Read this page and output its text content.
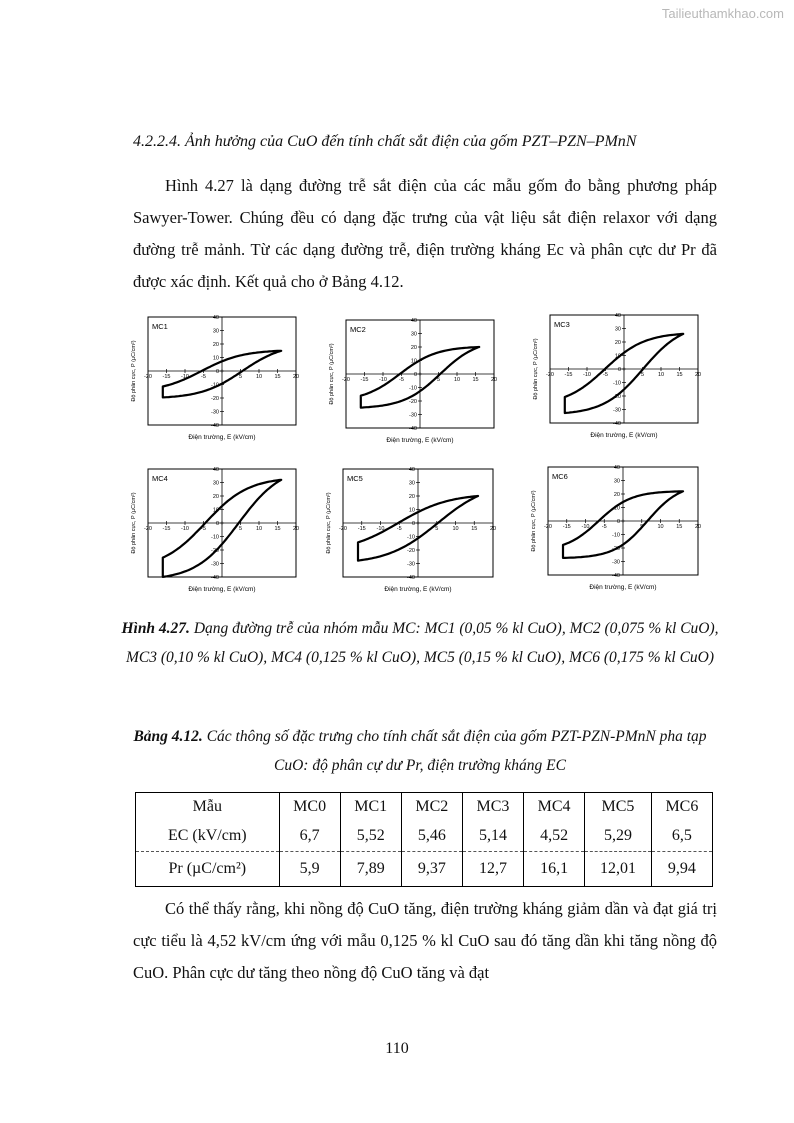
Tailieuthamkhao.com
4.2.2.4. Ảnh hưởng của CuO đến tính chất sắt điện của gốm PZT–PZN–PMnN

Hình 4.27 là dạng đường trễ sắt điện của các mẫu gốm đo bằng phương pháp Sawyer-Tower. Chúng đều có dạng đặc trưng của vật liệu sắt điện relaxor với dạng đường trễ mảnh. Từ các dạng đường trễ, điện trường kháng Ec và phân cực dư Pr đã được xác định. Kết quả cho ở Bảng 4.12.

-20 -15 -10 -5	5	10 15 20
-40
-30
-20
-10
0
10
20
30
40
MC1
Điện trường, E (kV/cm)
Độ phân cực, P (µC/cm²)	-20 -15 -10 -5	5	10 15 20
-40
-30
-20
-10
0
10
20
30
40
MC2
Điện trường, E (kV/cm)
Độ phân cực, P (µC/cm²)	-20 -15 -10 -5	5	10 15 20
-40
-30
-20
-10
0
10
20
30
40
MC3
Điện trường, E (kV/cm)
Độ phân cực, P (µC/cm²)
-20 -15 -10 -5	5	10 15 20
-40
-30
-20
-10
0
10
20
30
40
MC4
Điện trường, E (kV/cm)
Độ phân cực, P (µC/cm²)	-20 -15 -10 -5	5	10 15 20
-40
-30
-20
-10
0
10
20
30
40
MC5
Điện trường, E (kV/cm)
Độ phân cực, P (µC/cm²)	-20 -15 -10 -5	5	10 15 20
-40
-30
-20
-10
0
10
20
30
40
MC6
Điện trường, E (kV/cm)
Độ phân cực, P (µC/cm²)

Hình 4.27. Dạng đường trễ của nhóm mẫu MC: MC1 (0,05 % kl CuO), MC2 (0,075 % kl CuO), MC3 (0,10 % kl CuO), MC4 (0,125 % kl CuO), MC5 (0,15 % kl CuO), MC6 (0,175 % kl CuO)

Bảng 4.12. Các thông số đặc trưng cho tính chất sắt điện của gốm PZT-PZN-PMnN pha tạp CuO: độ phân cự dư Pr, điện trường kháng EC

Mẫu	MC0	MC1	MC2	MC3	MC4	MC5	MC6
EC (kV/cm)	6,7	5,52	5,46	5,14	4,52	5,29	6,5
Pr (µC/cm²)	5,9	7,89	9,37	12,7	16,1	12,01	9,94

Có thể thấy rằng, khi nồng độ CuO tăng, điện trường kháng giảm dần và đạt giá trị cực tiểu là 4,52 kV/cm ứng với mẫu 0,125 % kl CuO sau đó tăng dần khi tăng nồng độ CuO. Phân cực dư tăng theo nồng độ CuO tăng và đạt

110
